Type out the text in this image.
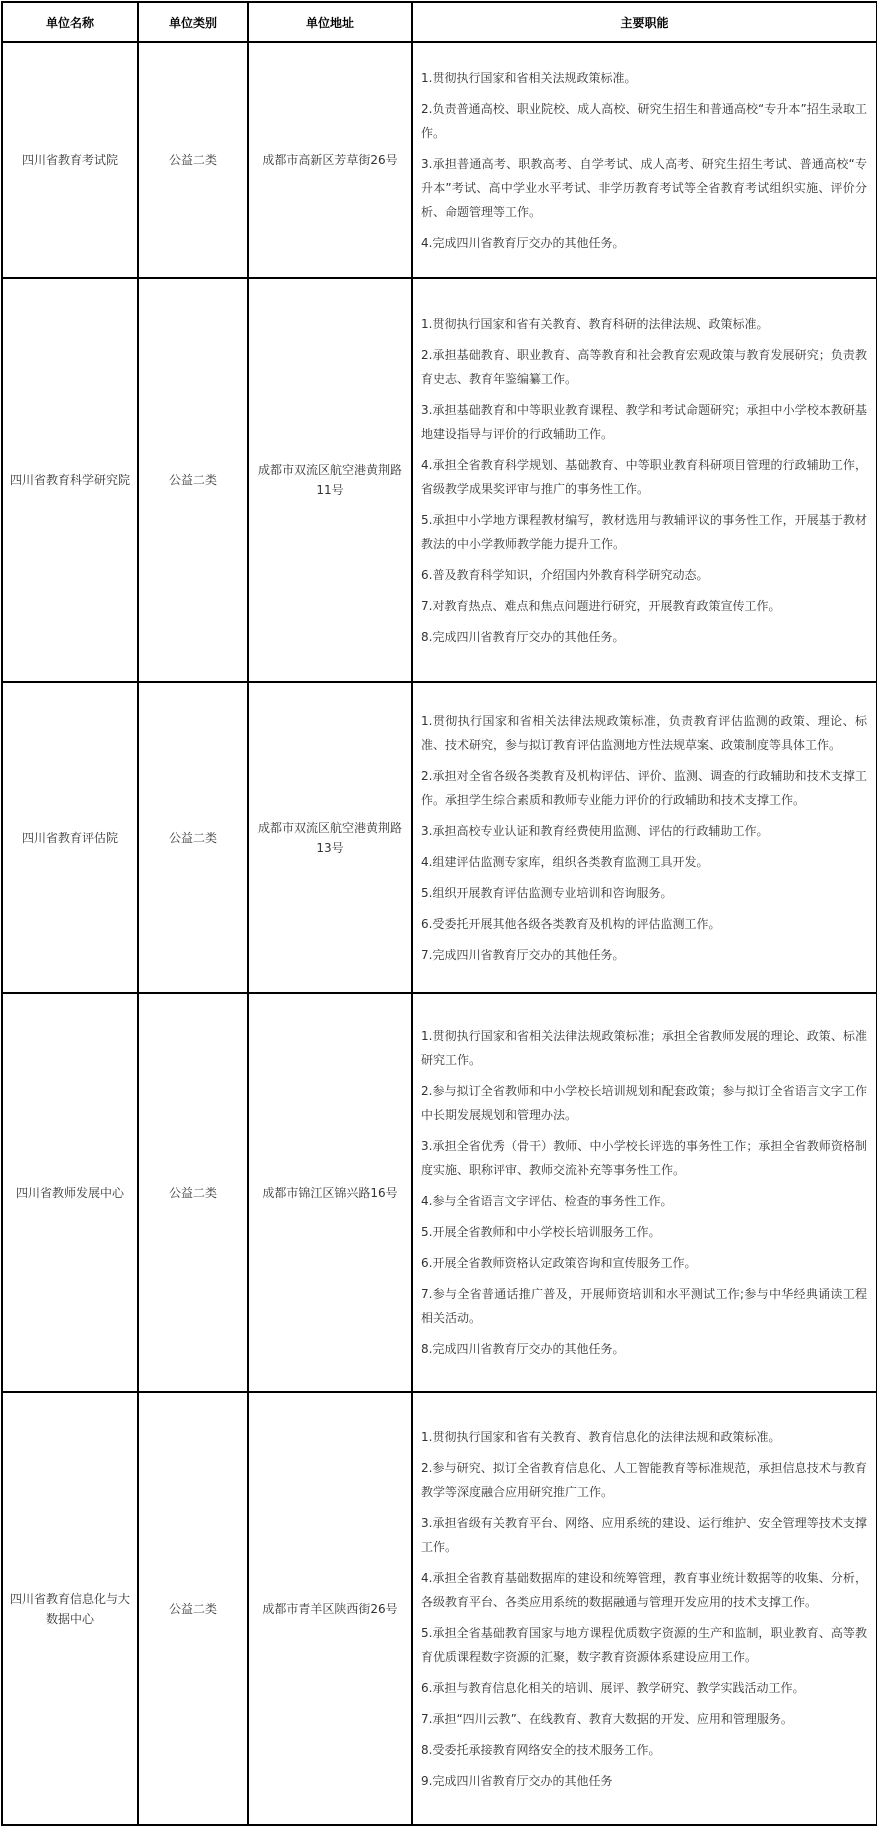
单位名称	单位类别	单位地址	主要职能
四川省教育考试院	公益二类	成都市高新区芳草街26号	1.贯彻执行国家和省相关法规政策标准。

2.负责普通高校、职业院校、成人高校、研究生招生和普通高校“专升本”招生录取工作。

3.承担普通高考、职教高考、自学考试、成人高考、研究生招生考试、普通高校“专升本”考试、高中学业水平考试、非学历教育考试等全省教育考试组织实施、评价分析、命题管理等工作。

4.完成四川省教育厅交办的其他任务。

四川省教育科学研究院	公益二类	成都市双流区航空港黄荆路11号	

1.贯彻执行国家和省有关教育、教育科研的法律法规、政策标准。

2.承担基础教育、职业教育、高等教育和社会教育宏观政策与教育发展研究；负责教育史志、教育年鉴编纂工作。

3.承担基础教育和中等职业教育课程、教学和考试命题研究；承担中小学校本教研基地建设指导与评价的行政辅助工作。

4.承担全省教育科学规划、基础教育、中等职业教育科研项目管理的行政辅助工作，省级教学成果奖评审与推广的事务性工作。

5.承担中小学地方课程教材编写，教材选用与教辅评议的事务性工作，开展基于教材教法的中小学教师教学能力提升工作。

6.普及教育科学知识，介绍国内外教育科学研究动态。

7.对教育热点、难点和焦点问题进行研究，开展教育政策宣传工作。

8.完成四川省教育厅交办的其他任务。

四川省教育评估院	公益二类	成都市双流区航空港黄荆路13号	

1.贯彻执行国家和省相关法律法规政策标准，负责教育评估监测的政策、理论、标准、技术研究，参与拟订教育评估监测地方性法规草案、政策制度等具体工作。

2.承担对全省各级各类教育及机构评估、评价、监测、调查的行政辅助和技术支撑工作。承担学生综合素质和教师专业能力评价的行政辅助和技术支撑工作。

3.承担高校专业认证和教育经费使用监测、评估的行政辅助工作。

4.组建评估监测专家库，组织各类教育监测工具开发。

5.组织开展教育评估监测专业培训和咨询服务。

6.受委托开展其他各级各类教育及机构的评估监测工作。

7.完成四川省教育厅交办的其他任务。

四川省教师发展中心	公益二类	成都市锦江区锦兴路16号	

1.贯彻执行国家和省相关法律法规政策标准；承担全省教师发展的理论、政策、标准研究工作。

2.参与拟订全省教师和中小学校长培训规划和配套政策；参与拟订全省语言文字工作中长期发展规划和管理办法。

3.承担全省优秀（骨干）教师、中小学校长评选的事务性工作；承担全省教师资格制度实施、职称评审、教师交流补充等事务性工作。

4.参与全省语言文字评估、检查的事务性工作。

5.开展全省教师和中小学校长培训服务工作。

6.开展全省教师资格认定政策咨询和宣传服务工作。

7.参与全省普通话推广普及，开展师资培训和水平测试工作;参与中华经典诵读工程相关活动。

8.完成四川省教育厅交办的其他任务。

四川省教育信息化与大数据中心	公益二类	成都市青羊区陕西街26号	

1.贯彻执行国家和省有关教育、教育信息化的法律法规和政策标准。

2.参与研究、拟订全省教育信息化、人工智能教育等标准规范，承担信息技术与教育教学等深度融合应用研究推广工作。

3.承担省级有关教育平台、网络、应用系统的建设、运行维护、安全管理等技术支撑工作。

4.承担全省教育基础数据库的建设和统筹管理，教育事业统计数据等的收集、分析，各级教育平台、各类应用系统的数据融通与管理开发应用的技术支撑工作。

5.承担全省基础教育国家与地方课程优质数字资源的生产和监制，职业教育、高等教育优质课程数字资源的汇聚，数字教育资源体系建设应用工作。

6.承担与教育信息化相关的培训、展评、教学研究、教学实践活动工作。

7.承担“四川云教”、在线教育、教育大数据的开发、应用和管理服务。

8.受委托承接教育网络安全的技术服务工作。

9.完成四川省教育厅交办的其他任务
